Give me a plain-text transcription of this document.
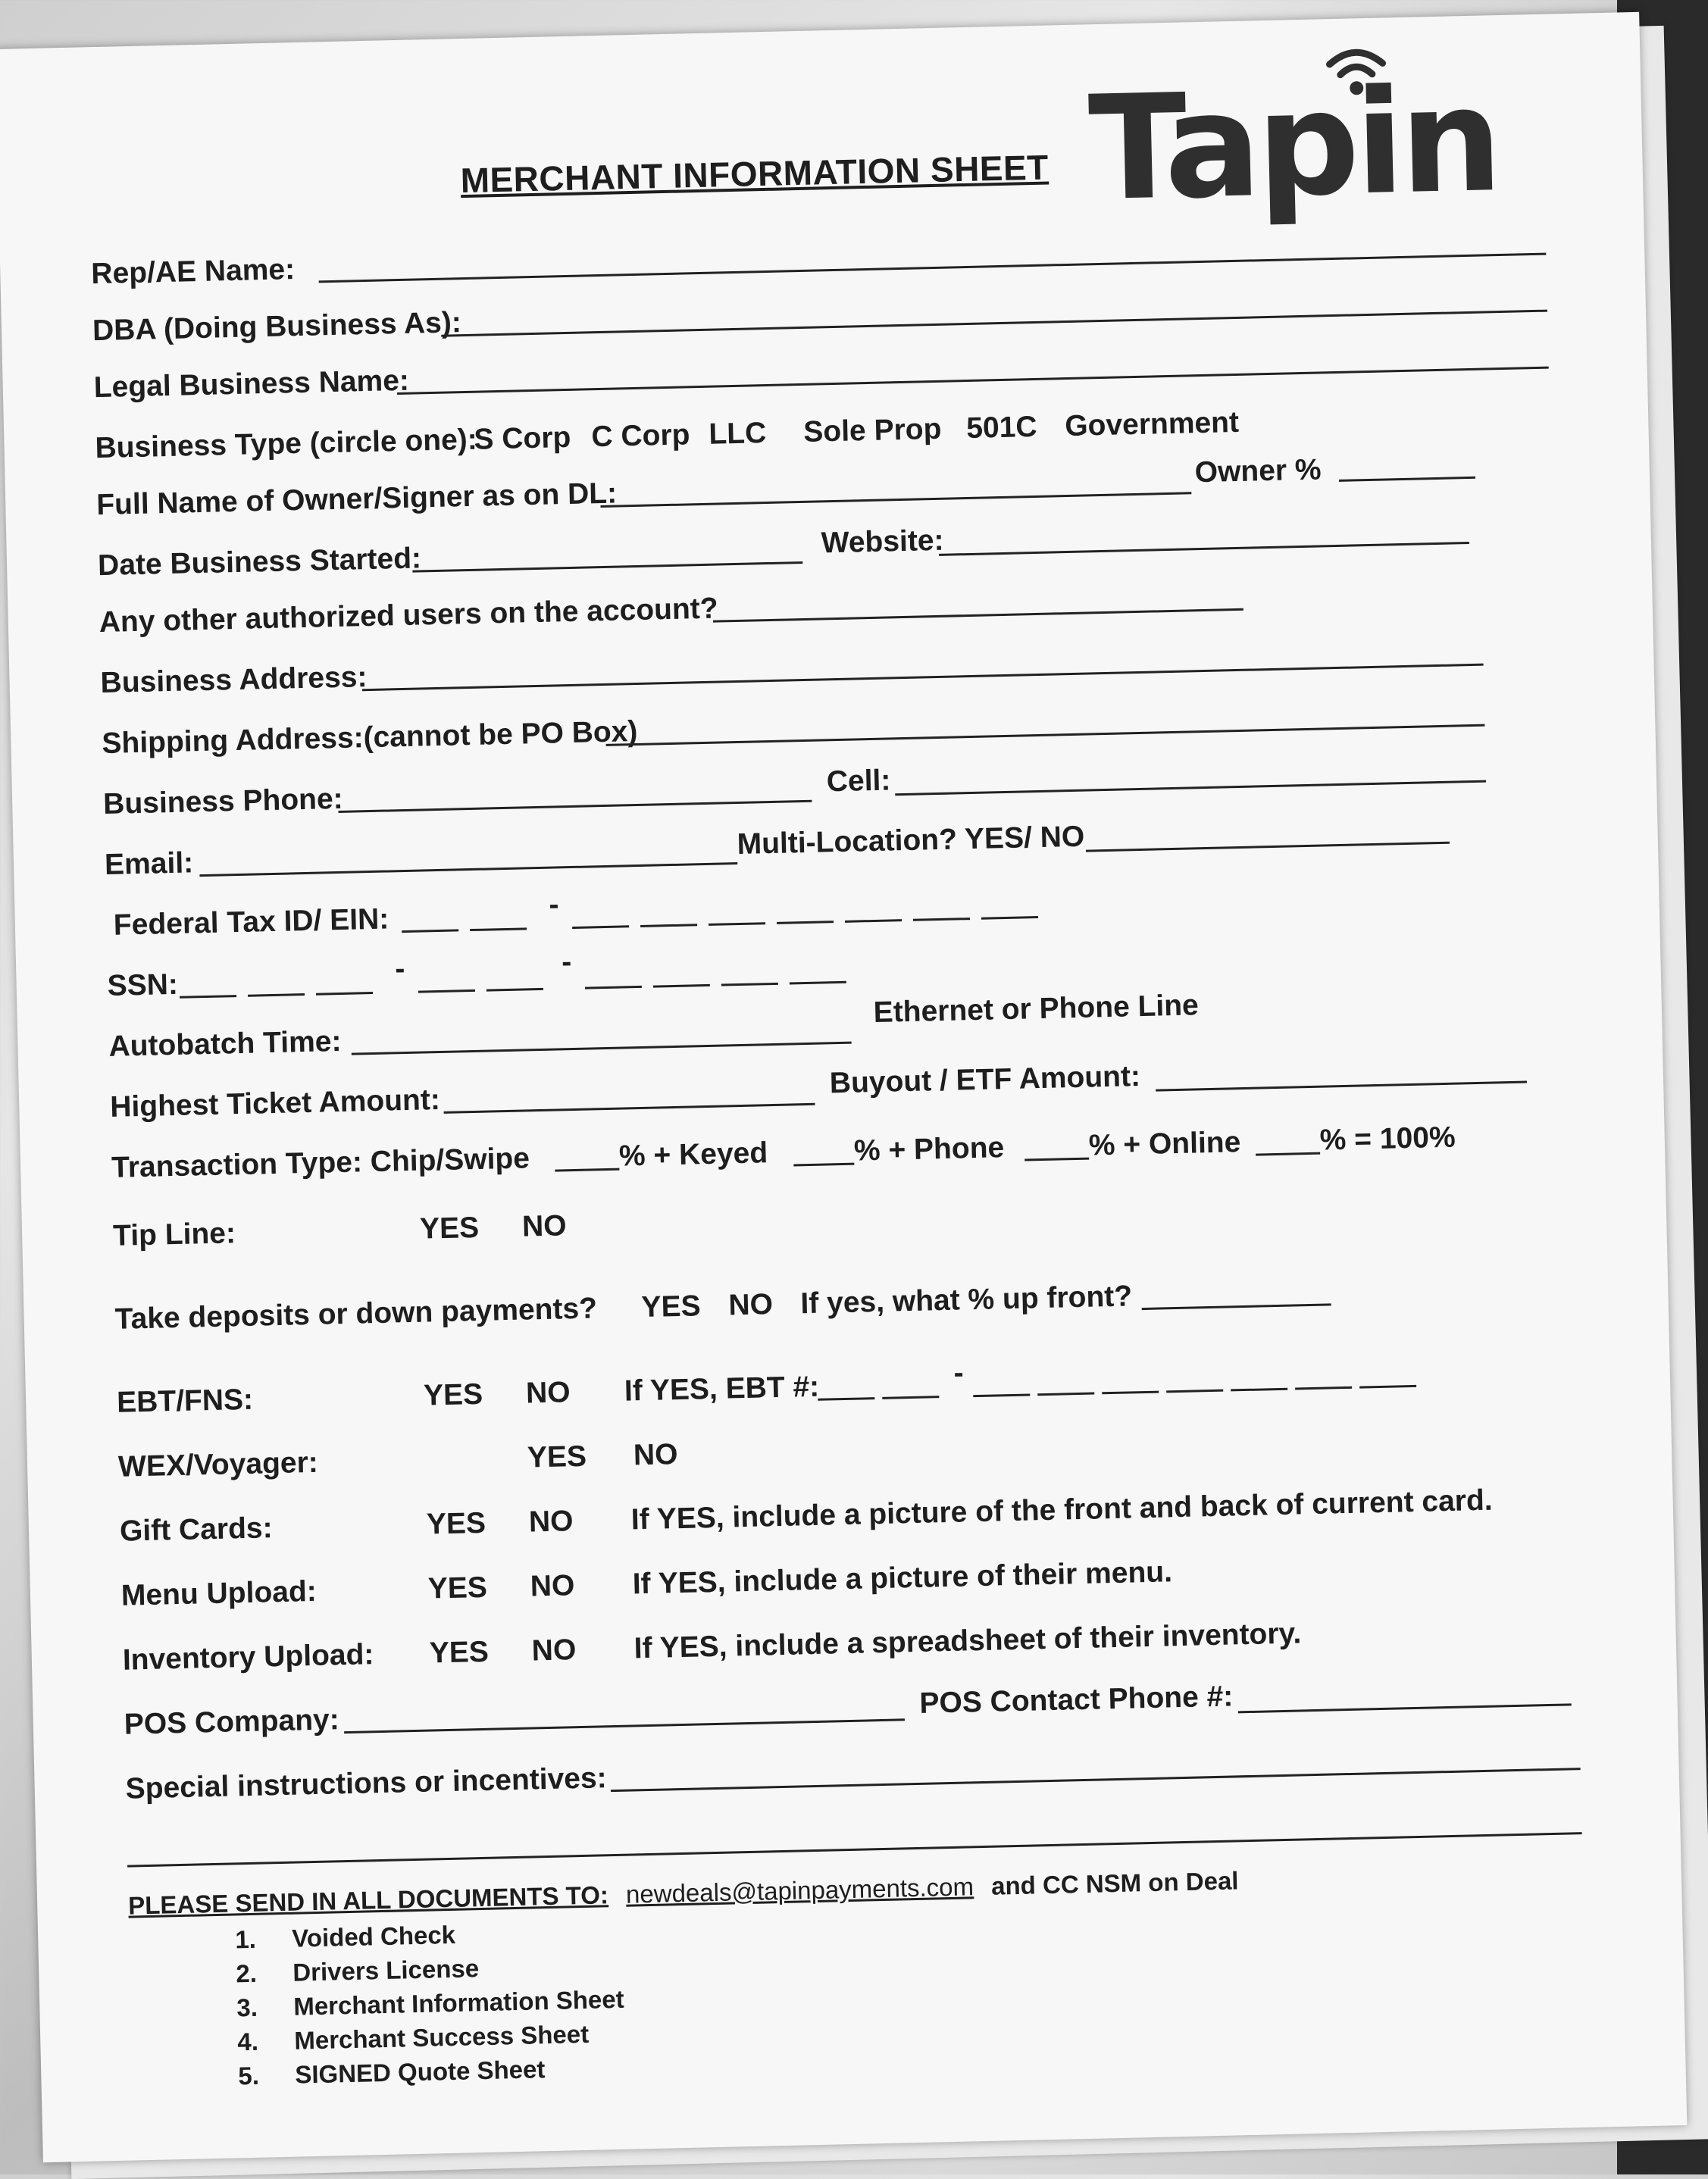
Tapin
MERCHANT INFORMATION SHEET
Rep/AE Name:
DBA (Doing Business As):
Legal Business Name:
Business Type (circle one):
S Corp C Corp LLC Sole Prop 501C Government
Full Name of Owner/Signer as on DL:
Owner %
Date Business Started:
Website:
Any other authorized users on the account?
Business Address:
Shipping Address:(cannot be PO Box)
Business Phone:
Cell:
Email:
Multi-Location? YES/ NO
Federal Tax ID/ EIN:	-
SSN:	-	-
Autobatch Time:
Ethernet or Phone Line
Highest Ticket Amount:
Buyout / ETF Amount:
Transaction Type: Chip/Swipe	% + Keyed	% + Phone	% + Online	% = 100%
Tip Line:	YES NO
Take deposits or down payments? YES NO If yes, what % up front?
EBT/FNS:	YES NO If YES, EBT #:	-
WEX/Voyager:	YES NO
Gift Cards:	YES NO If YES, include a picture of the front and back of current card.
Menu Upload:	YES NO If YES, include a picture of their menu.
Inventory Upload: YES NO If YES, include a spreadsheet of their inventory.
POS Company:
POS Contact Phone #:
Special instructions or incentives:
PLEASE SEND IN ALL DOCUMENTS TO: newdeals@tapinpayments.com and CC NSM on Deal
1. Voided Check
2. Drivers License
3. Merchant Information Sheet
4. Merchant Success Sheet
5. SIGNED Quote Sheet
